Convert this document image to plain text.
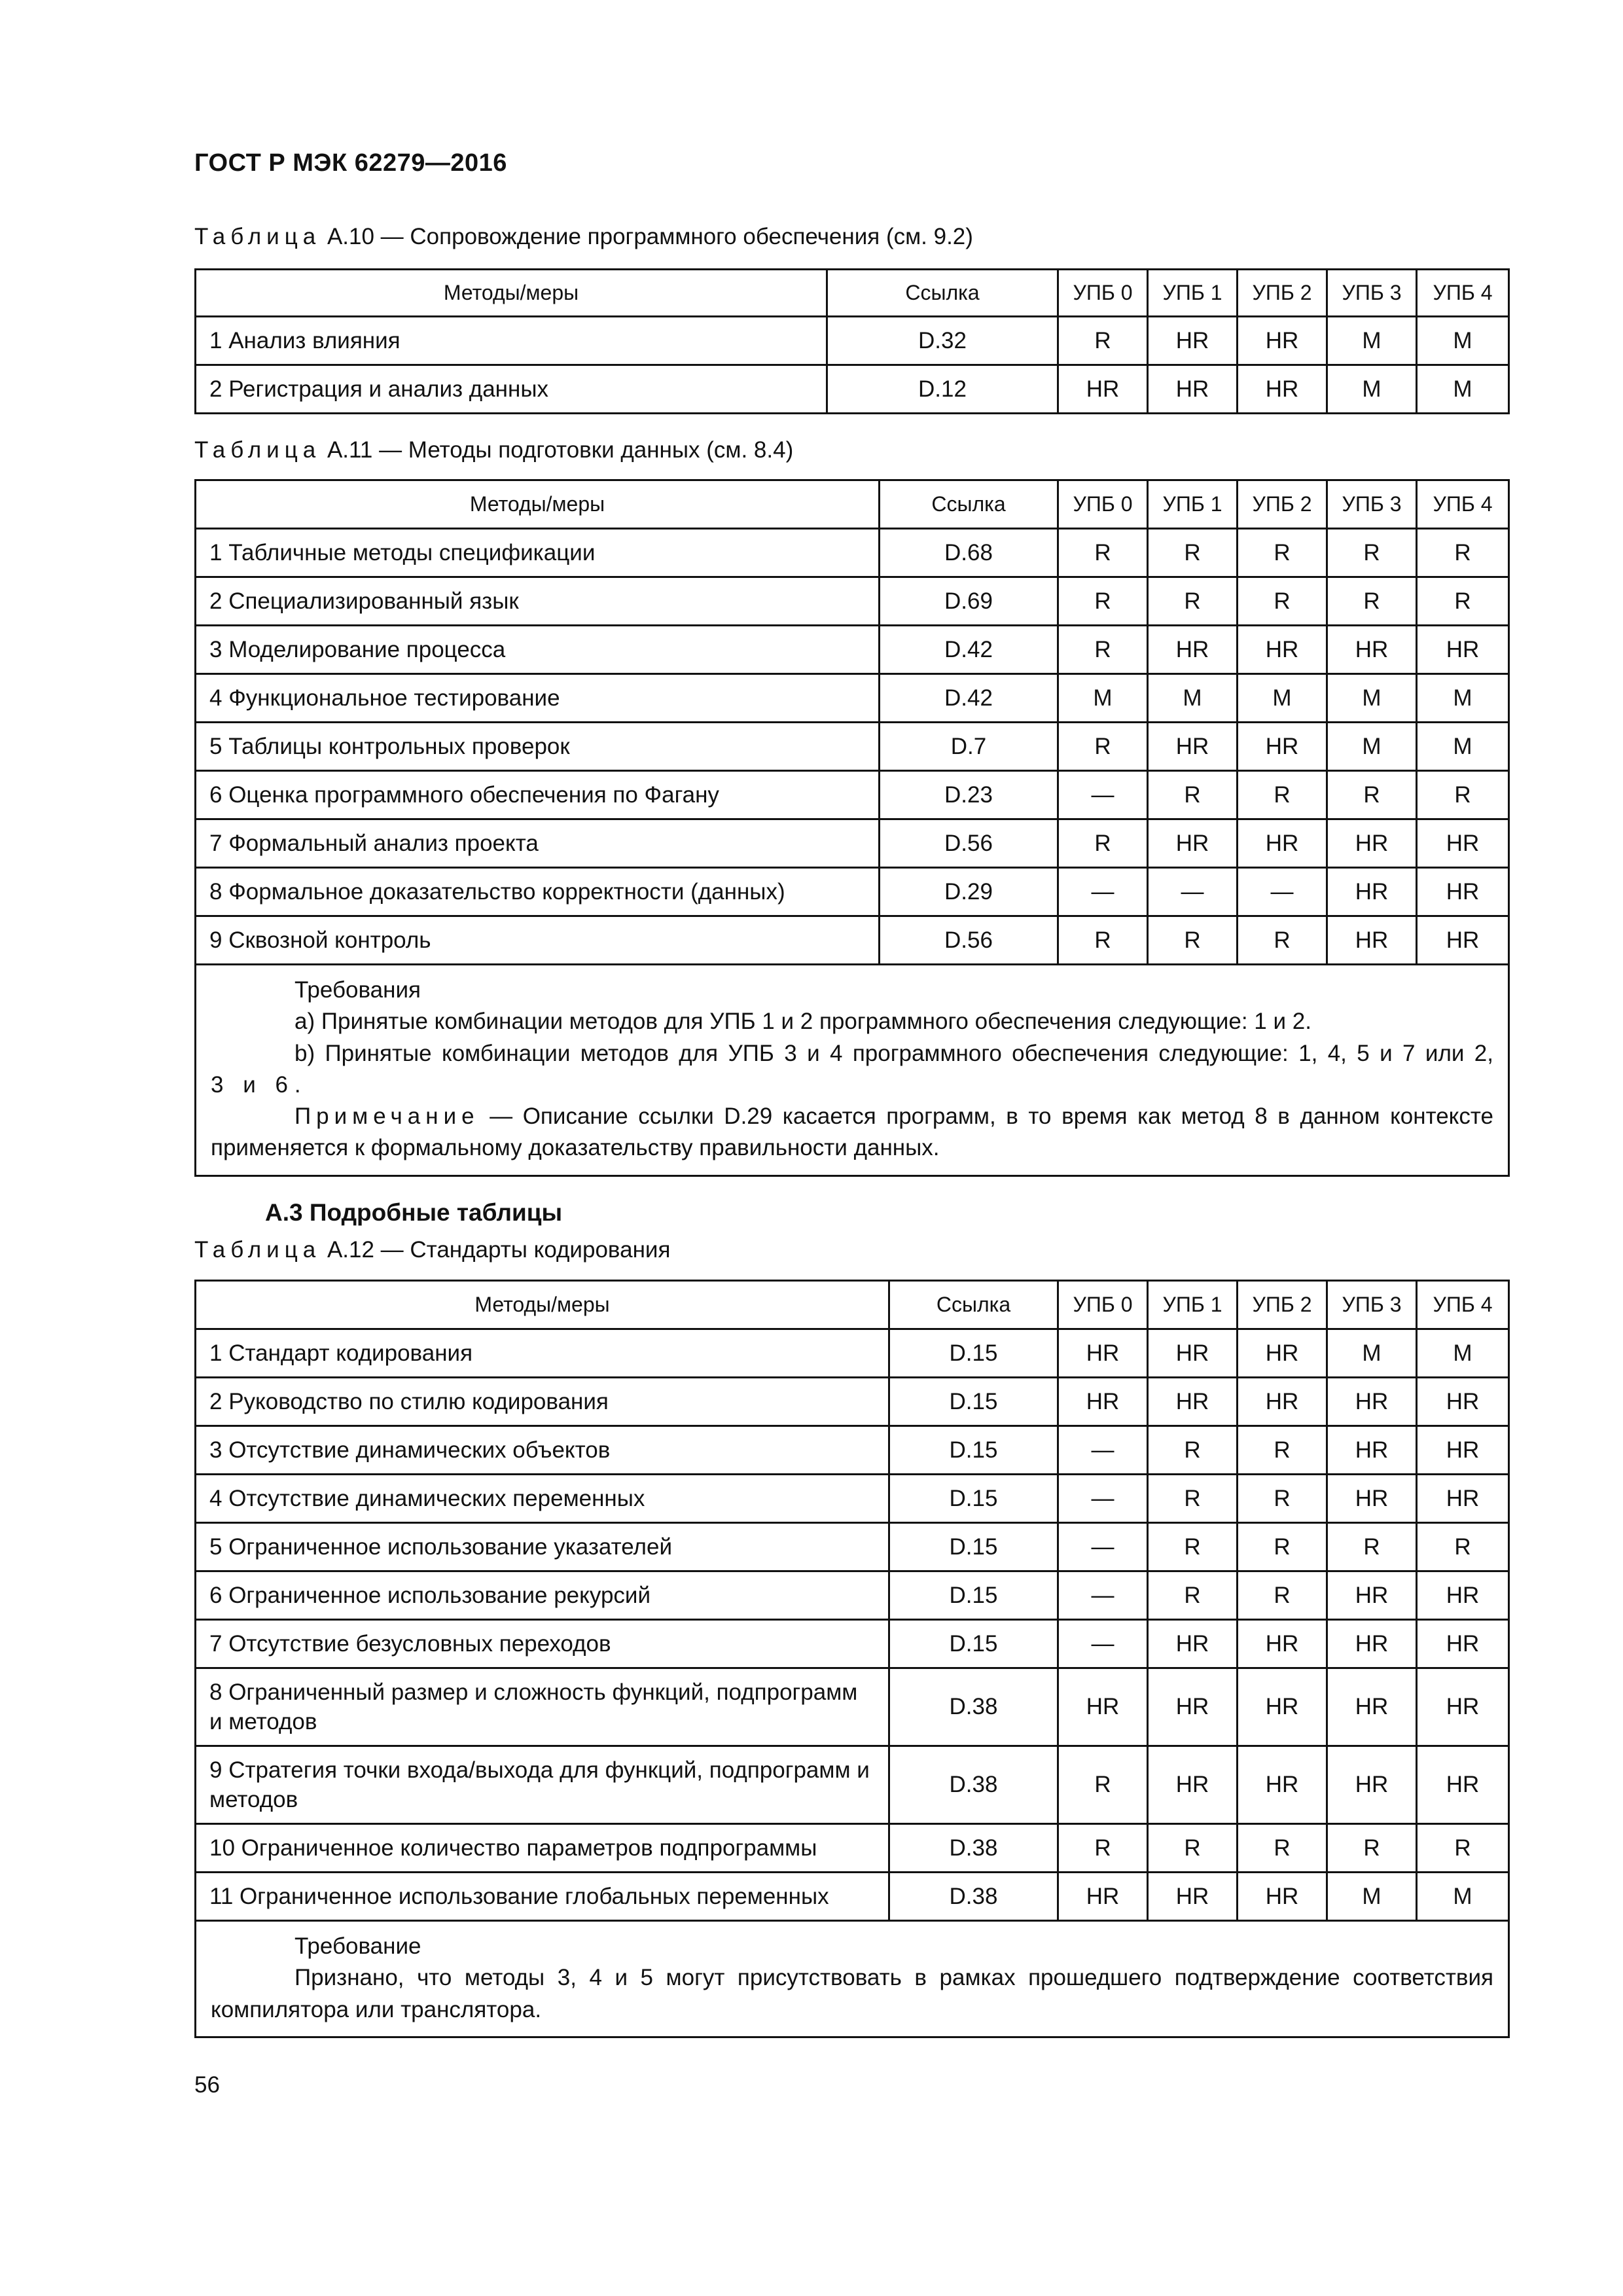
ГОСТ Р МЭК 62279—2016
Таблица А.10 — Сопровождение программного обеспечения (см. 9.2)
Методы/меры	Ссылка	УПБ 0	УПБ 1	УПБ 2	УПБ 3	УПБ 4
1 Анализ влияния	D.32	R	HR	HR	M	M
2 Регистрация и анализ данных	D.12	HR	HR	HR	M	M
Таблица А.11 — Методы подготовки данных (см. 8.4)
Методы/меры	Ссылка	УПБ 0	УПБ 1	УПБ 2	УПБ 3	УПБ 4
1 Табличные методы спецификации	D.68	R	R	R	R	R
2 Специализированный язык	D.69	R	R	R	R	R
3 Моделирование процесса	D.42	R	HR	HR	HR	HR
4 Функциональное тестирование	D.42	M	M	M	M	M
5 Таблицы контрольных проверок	D.7	R	HR	HR	M	M
6 Оценка программного обеспечения по Фагану	D.23	—	R	R	R	R
7 Формальный анализ проекта	D.56	R	HR	HR	HR	HR
8 Формальное доказательство корректности (данных)	D.29	—	—	—	HR	HR
9 Сквозной контроль	D.56	R	R	R	HR	HR

Требования
a) Принятые комбинации методов для УПБ 1 и 2 программного обеспечения следующие: 1 и 2.
b) Принятые комбинации методов для УПБ 3 и 4 программного обеспечения следующие: 1, 4, 5 и 7 или 2,
3 и 6.
Примечание — Описание ссылки D.29 касается программ, в то время как метод 8 в данном контексте применяется к формальному доказательству правильности данных.						
А.3 Подробные таблицы
Таблица А.12 — Стандарты кодирования
Методы/меры	Ссылка	УПБ 0	УПБ 1	УПБ 2	УПБ 3	УПБ 4
1 Стандарт кодирования	D.15	HR	HR	HR	M	M
2 Руководство по стилю кодирования	D.15	HR	HR	HR	HR	HR
3 Отсутствие динамических объектов	D.15	—	R	R	HR	HR
4 Отсутствие динамических переменных	D.15	—	R	R	HR	HR
5 Ограниченное использование указателей	D.15	—	R	R	R	R
6 Ограниченное использование рекурсий	D.15	—	R	R	HR	HR
7 Отсутствие безусловных переходов	D.15	—	HR	HR	HR	HR
8 Ограниченный размер и сложность функций, подпрограмм и методов	D.38	HR	HR	HR	HR	HR
9 Стратегия точки входа/выхода для функций, подпрограмм и методов	D.38	R	HR	HR	HR	HR
10 Ограниченное количество параметров подпрограммы	D.38	R	R	R	R	R
11 Ограниченное использование глобальных переменных	D.38	HR	HR	HR	M	M

Требование
Признано, что методы 3, 4 и 5 могут присутствовать в рамках прошедшего подтверждение соответствия компилятора или транслятора.						
56
